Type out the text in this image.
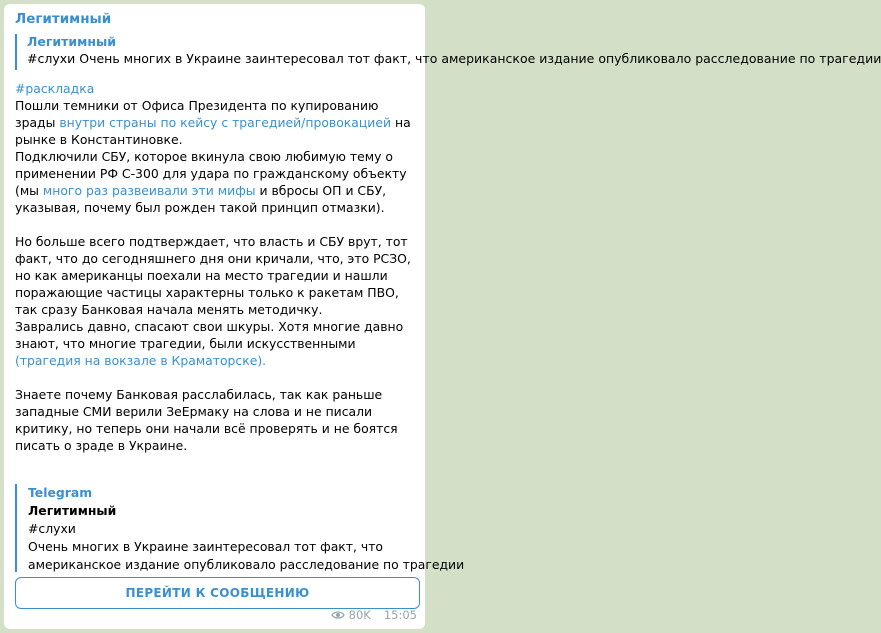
Легитимный
Легитимный
#слухи Очень многих в Украине заинтересовал тот факт, что американское издание опубликовало расследование по трагедии

#раскладка

Пошли темники от Офиса Президента по купированию зрады внутри страны по кейсу с трагедией/провокацией на рынке в Константиновке.

Подключили СБУ, которое вкинула свою любимую тему о применении РФ С-300 для удара по гражданскому объекту (мы много раз развеивали эти мифы и вбросы ОП и СБУ, указывая, почему был рожден такой принцип отмазки).

Но больше всего подтверждает, что власть и СБУ врут, тот факт, что до сегодняшнего дня они кричали, что, это РСЗО, но как американцы поехали на место трагедии и нашли поражающие частицы характерны только к ракетам ПВО, так сразу Банковая начала менять методичку.

Заврались давно, спасают свои шкуры. Хотя многие давно знают, что многие трагедии, были искусственными (трагедия на вокзале в Краматорске).

Знаете почему Банковая расслабилась, так как раньше западные СМИ верили ЗеЕрмаку на слова и не писали критику, но теперь они начали всё проверять и не боятся писать о зраде в Украине.

Telegram
Легитимный
#слухи
Очень многих в Украине заинтересовал тот факт, что
американское издание опубликовало расследование по трагедии
ПЕРЕЙТИ К СООБЩЕНИЮ
80K 15:05
